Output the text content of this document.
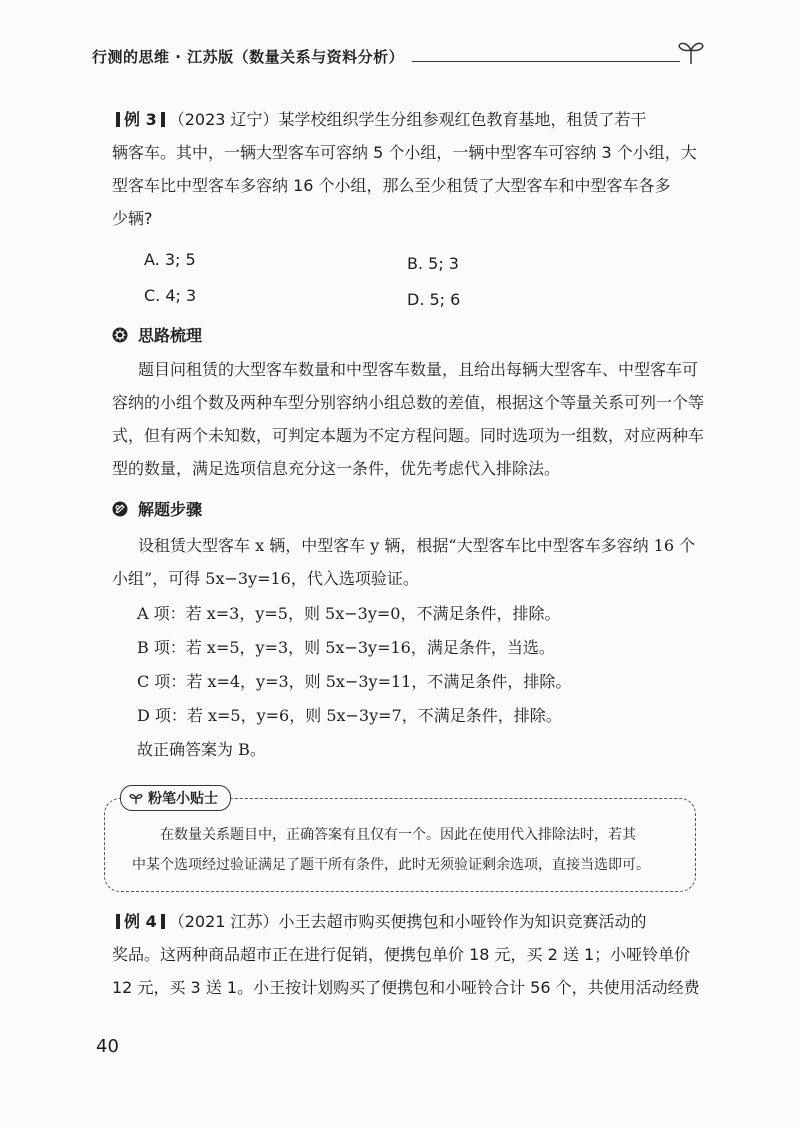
行测的思维 · 江苏版（数量关系与资料分析）
例 3 （2023 辽宁）某学校组织学生分组参观红色教育基地，租赁了若干
辆客车。其中，一辆大型客车可容纳 5 个小组，一辆中型客车可容纳 3 个小组，大
型客车比中型客车多容纳 16 个小组，那么至少租赁了大型客车和中型客车各多
少辆?
A. 3; 5	B. 5; 3
C. 4; 3	D. 5; 6
思路梳理
题目问租赁的大型客车数量和中型客车数量，且给出每辆大型客车、中型客车可
容纳的小组个数及两种车型分别容纳小组总数的差值，根据这个等量关系可列一个等
式，但有两个未知数，可判定本题为不定方程问题。同时选项为一组数，对应两种车
型的数量，满足选项信息充分这一条件，优先考虑代入排除法。
解题步骤
设租赁大型客车 x 辆，中型客车 y 辆，根据“大型客车比中型客车多容纳 16 个
小组”，可得 5x−3y=16，代入选项验证。
A 项：若 x=3，y=5，则 5x−3y=0，不满足条件，排除。
B 项：若 x=5，y=3，则 5x−3y=16，满足条件，当选。
C 项：若 x=4，y=3，则 5x−3y=11，不满足条件，排除。
D 项：若 x=5，y=6，则 5x−3y=7，不满足条件，排除。
故正确答案为 B。
粉笔小贴士
在数量关系题目中，正确答案有且仅有一个。因此在使用代入排除法时，若其
中某个选项经过验证满足了题干所有条件，此时无须验证剩余选项，直接当选即可。
例 4 （2021 江苏）小王去超市购买便携包和小哑铃作为知识竞赛活动的
奖品。这两种商品超市正在进行促销，便携包单价 18 元，买 2 送 1；小哑铃单价
12 元，买 3 送 1。小王按计划购买了便携包和小哑铃合计 56 个，共使用活动经费
40
